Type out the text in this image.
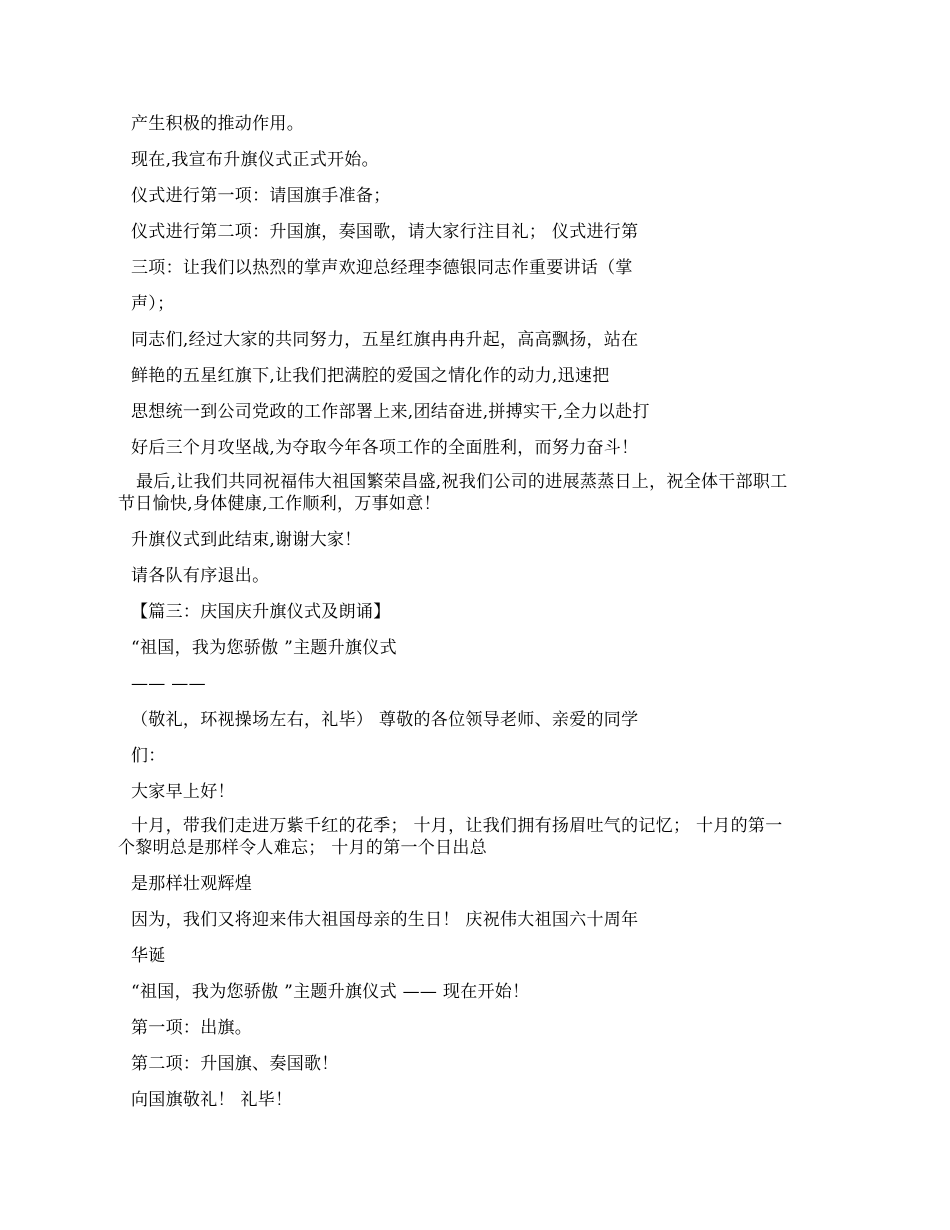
产生积极的推动作用。
现在,我宣布升旗仪式正式开始。
仪式进行第一项：请国旗手准备；
仪式进行第二项：升国旗，奏国歌，请大家行注目礼； 仪式进行第
三项：让我们以热烈的掌声欢迎总经理李德银同志作重要讲话（掌
声）；
同志们,经过大家的共同努力，五星红旗冉冉升起，高高飘扬，站在
鲜艳的五星红旗下,让我们把满腔的爱国之情化作的动力,迅速把
思想统一到公司党政的工作部署上来,团结奋进,拼搏实干,全力以赴打
好后三个月攻坚战,为夺取今年各项工作的全面胜利，而努力奋斗！
最后,让我们共同祝福伟大祖国繁荣昌盛,祝我们公司的进展蒸蒸日上，祝全体干部职工
节日愉快,身体健康,工作顺利，万事如意！
升旗仪式到此结束,谢谢大家！
请各队有序退出。
【篇三：庆国庆升旗仪式及朗诵】
“祖国，我为您骄傲 ”主题升旗仪式
—— ——
（敬礼，环视操场左右，礼毕） 尊敬的各位领导老师、亲爱的同学
们：
大家早上好！
十月，带我们走进万紫千红的花季； 十月，让我们拥有扬眉吐气的记忆； 十月的第一
个黎明总是那样令人难忘； 十月的第一个日出总
是那样壮观辉煌
因为，我们又将迎来伟大祖国母亲的生日！ 庆祝伟大祖国六十周年
华诞
“祖国，我为您骄傲 ”主题升旗仪式 —— 现在开始！
第一项：出旗。
第二项：升国旗、奏国歌！
向国旗敬礼！ 礼毕！
